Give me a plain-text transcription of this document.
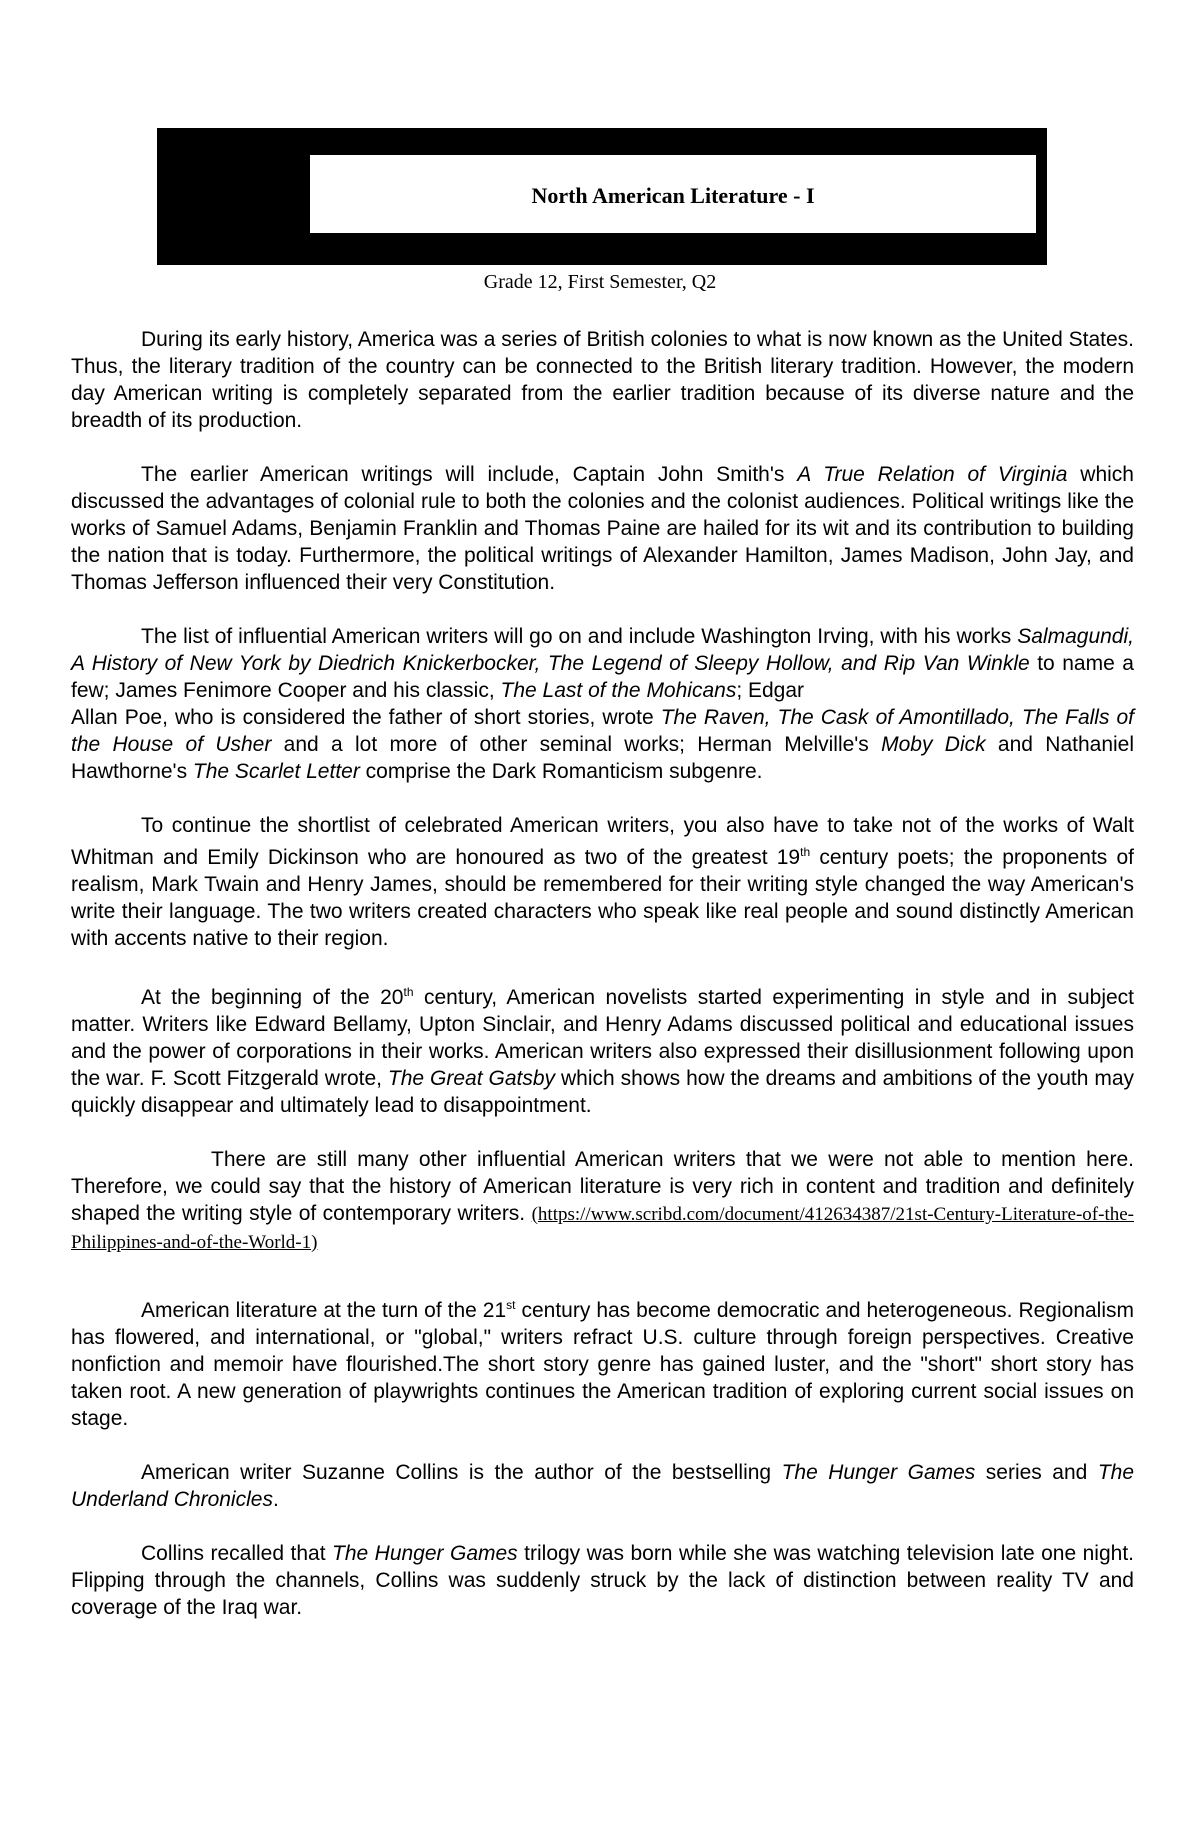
North American Literature - I
Grade 12, First Semester, Q2

During its early history, America was a series of British colonies to what is now known as the United States. Thus, the literary tradition of the country can be connected to the British literary tradition. However, the modern day American writing is completely separated from the earlier tradition because of its diverse nature and the breadth of its production.

The earlier American writings will include, Captain John Smith's A True Relation of Virginia which discussed the advantages of colonial rule to both the colonies and the colonist audiences. Political writings like the works of Samuel Adams, Benjamin Franklin and Thomas Paine are hailed for its wit and its contribution to building the nation that is today. Furthermore, the political writings of Alexander Hamilton, James Madison, John Jay, and Thomas Jefferson influenced their very Constitution.

The list of influential American writers will go on and include Washington Irving, with his works Salmagundi, A History of New York by Diedrich Knickerbocker, The Legend of Sleepy Hollow, and Rip Van Winkle to name a few; James Fenimore Cooper and his classic, The Last of the Mohicans; Edgar

Allan Poe, who is considered the father of short stories, wrote The Raven, The Cask of Amontillado, The Falls of the House of Usher and a lot more of other seminal works; Herman Melville's Moby Dick and Nathaniel Hawthorne's The Scarlet Letter comprise the Dark Romanticism subgenre.

To continue the shortlist of celebrated American writers, you also have to take not of the works of Walt Whitman and Emily Dickinson who are honoured as two of the greatest 19th century poets; the proponents of realism, Mark Twain and Henry James, should be remembered for their writing style changed the way American's write their language. The two writers created characters who speak like real people and sound distinctly American with accents native to their region.

At the beginning of the 20th century, American novelists started experimenting in style and in subject matter. Writers like Edward Bellamy, Upton Sinclair, and Henry Adams discussed political and educational issues and the power of corporations in their works. American writers also expressed their disillusionment following upon the war. F. Scott Fitzgerald wrote, The Great Gatsby which shows how the dreams and ambitions of the youth may quickly disappear and ultimately lead to disappointment.

There are still many other influential American writers that we were not able to mention here. Therefore, we could say that the history of American literature is very rich in content and tradition and definitely shaped the writing style of contemporary writers. (https://www.scribd.com/document/412634387/21st-Century-Literature-of-the-Philippines-and-of-the-World-1)

American literature at the turn of the 21st century has become democratic and heterogeneous. Regionalism has flowered, and international, or "global," writers refract U.S. culture through foreign perspectives. Creative nonfiction and memoir have flourished.The short story genre has gained luster, and the "short" short story has taken root. A new generation of playwrights continues the American tradition of exploring current social issues on stage.

American writer Suzanne Collins is the author of the bestselling The Hunger Games series and The Underland Chronicles.

Collins recalled that The Hunger Games trilogy was born while she was watching television late one night. Flipping through the channels, Collins was suddenly struck by the lack of distinction between reality TV and coverage of the Iraq war.
